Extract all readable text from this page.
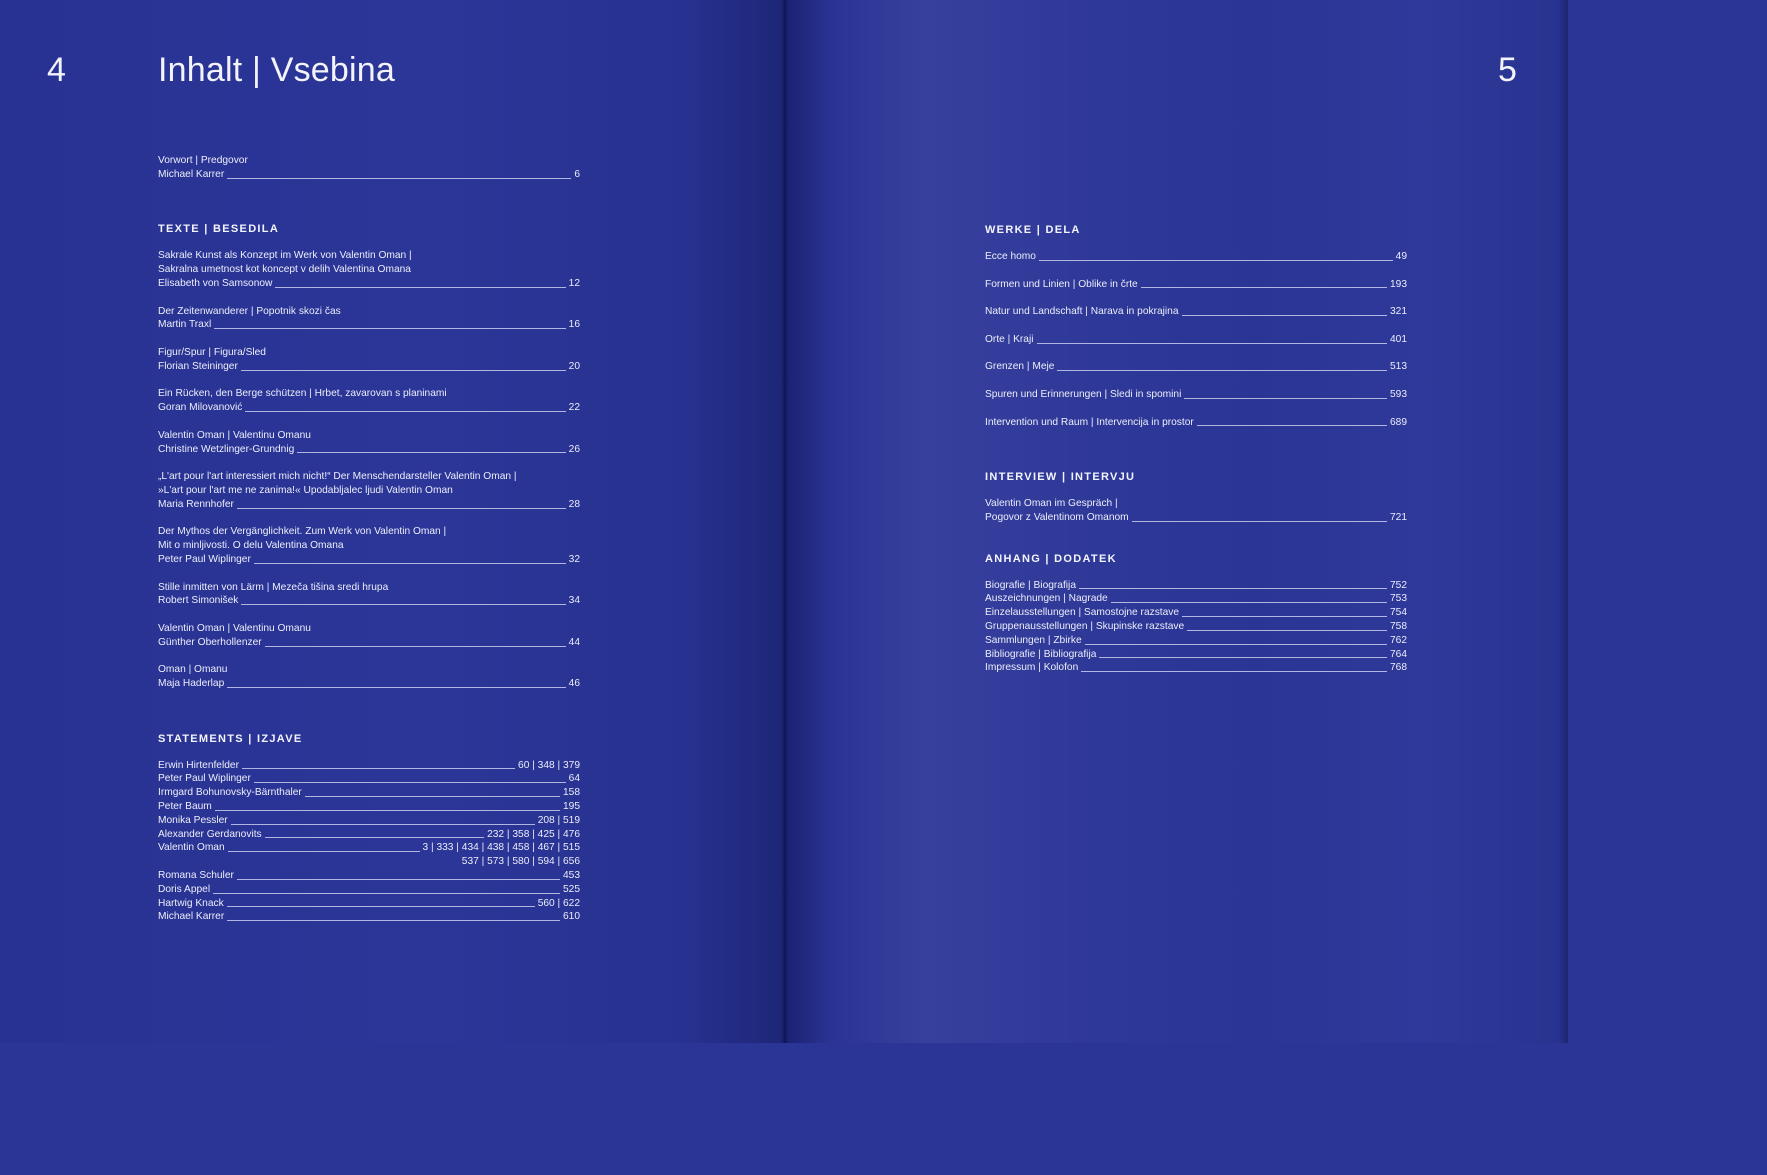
4	Inhalt | Vsebina	5
Vorwort | Predgovor
Michael Karrer	6
TEXTE | BESEDILA
Sakrale Kunst als Konzept im Werk von Valentin Oman |
Sakralna umetnost kot koncept v delih Valentina Omana
Elisabeth von Samsonow	12
Der Zeitenwanderer | Popotnik skozi čas
Martin Traxl	16
Figur/Spur | Figura/Sled
Florian Steininger	20
Ein Rücken, den Berge schützen | Hrbet, zavarovan s planinami
Goran Milovanović	22
Valentin Oman | Valentinu Omanu
Christine Wetzlinger-Grundnig	26
„L'art pour l'art interessiert mich nicht!“ Der Menschendarsteller Valentin Oman |
»L'art pour l'art me ne zanima!« Upodabljalec ljudi Valentin Oman
Maria Rennhofer	28
Der Mythos der Vergänglichkeit. Zum Werk von Valentin Oman |
Mit o minljivosti. O delu Valentina Omana
Peter Paul Wiplinger	32
Stille inmitten von Lärm | Mezeča tišina sredi hrupa
Robert Simonišek	34
Valentin Oman | Valentinu Omanu
Günther Oberhollenzer	44
Oman | Omanu
Maja Haderlap	46
STATEMENTS | IZJAVE
Erwin Hirtenfelder	60 | 348 | 379
Peter Paul Wiplinger	64
Irmgard Bohunovsky-Bärnthaler	158
Peter Baum	195
Monika Pessler	208 | 519
Alexander Gerdanovits	232 | 358 | 425 | 476
Valentin Oman	3 | 333 | 434 | 438 | 458 | 467 | 515
537 | 573 | 580 | 594 | 656
Romana Schuler	453
Doris Appel	525
Hartwig Knack	560 | 622
Michael Karrer	610
WERKE | DELA
Ecce homo	49
Formen und Linien | Oblike in črte	193
Natur und Landschaft | Narava in pokrajina	321
Orte | Kraji	401
Grenzen | Meje	513
Spuren und Erinnerungen | Sledi in spomini	593
Intervention und Raum | Intervencija in prostor	689
INTERVIEW | INTERVJU
Valentin Oman im Gespräch |
Pogovor z Valentinom Omanom	721
ANHANG | DODATEK
Biografie | Biografija	752
Auszeichnungen | Nagrade	753
Einzelausstellungen | Samostojne razstave	754
Gruppenausstellungen | Skupinske razstave	758
Sammlungen | Zbirke	762
Bibliografie | Bibliografija	764
Impressum | Kolofon	768
